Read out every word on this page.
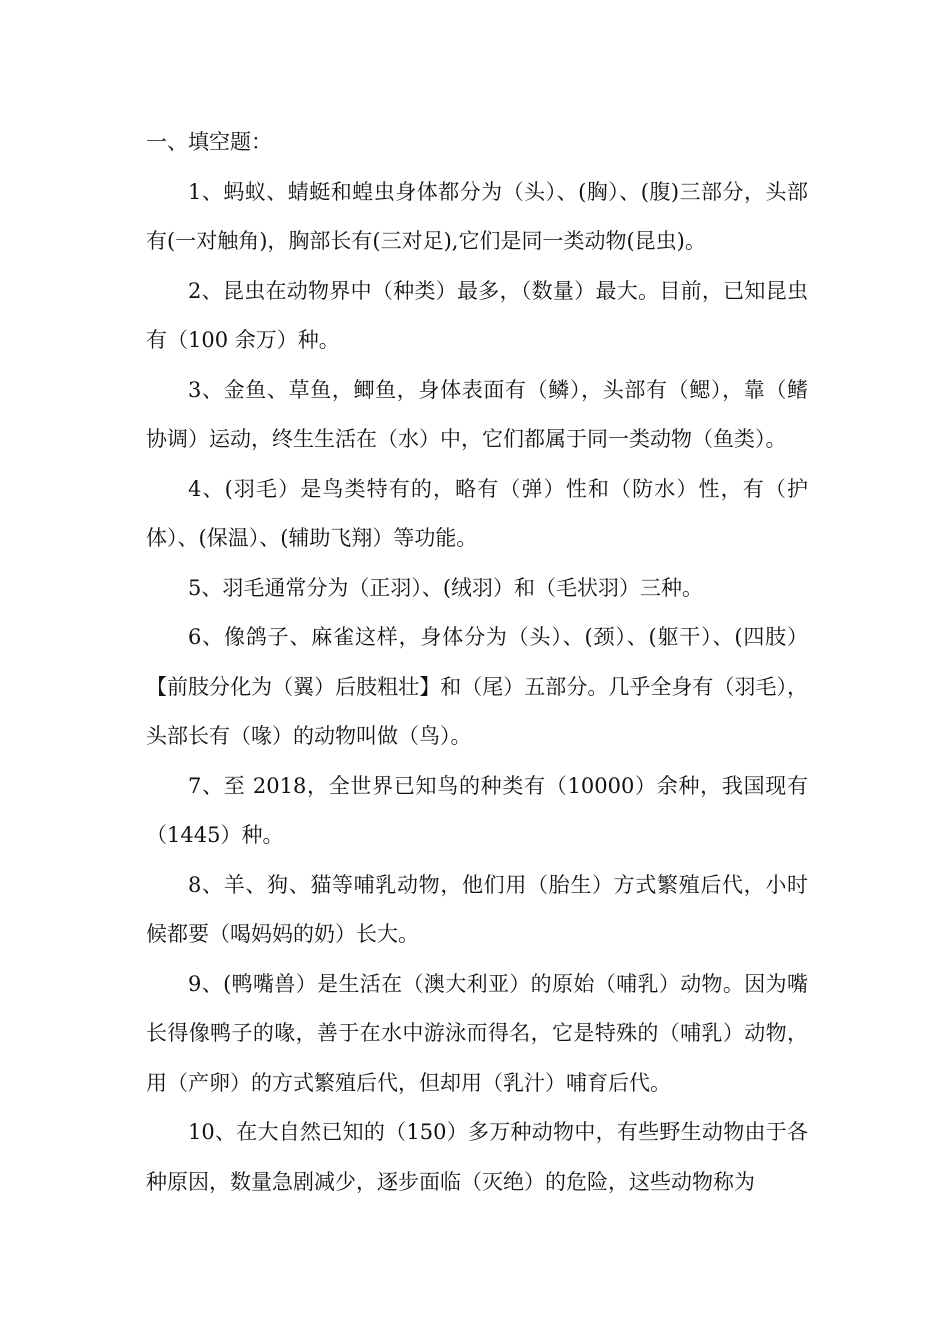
一、填空题：

1、蚂蚁、蜻蜓和蝗虫身体都分为（头）、(胸）、(腹)三部分，头部有(一对触角)，胸部长有(三对足),它们是同一类动物(昆虫)。

2、昆虫在动物界中（种类）最多，（数量）最大。目前，已知昆虫有（100 余万）种。

3、金鱼、草鱼，鲫鱼，身体表面有（鳞），头部有（鳃），靠（鳍协调）运动，终生生活在（水）中，它们都属于同一类动物（鱼类）。

4、(羽毛）是鸟类特有的，略有（弹）性和（防水）性，有（护体）、(保温）、(辅助飞翔）等功能。

5、羽毛通常分为（正羽）、(绒羽）和（毛状羽）三种。

6、像鸽子、麻雀这样，身体分为（头）、(颈）、(躯干）、(四肢）【前肢分化为（翼）后肢粗壮】和（尾）五部分。几乎全身有（羽毛），头部长有（喙）的动物叫做（鸟）。

7、至 2018，全世界已知鸟的种类有（10000）余种，我国现有（1445）种。

8、羊、狗、猫等哺乳动物，他们用（胎生）方式繁殖后代，小时候都要（喝妈妈的奶）长大。

9、(鸭嘴兽）是生活在（澳大利亚）的原始（哺乳）动物。因为嘴长得像鸭子的喙，善于在水中游泳而得名，它是特殊的（哺乳）动物，用（产卵）的方式繁殖后代，但却用（乳汁）哺育后代。

10、在大自然已知的（150）多万种动物中，有些野生动物由于各种原因，数量急剧减少，逐步面临（灭绝）的危险，这些动物称为
